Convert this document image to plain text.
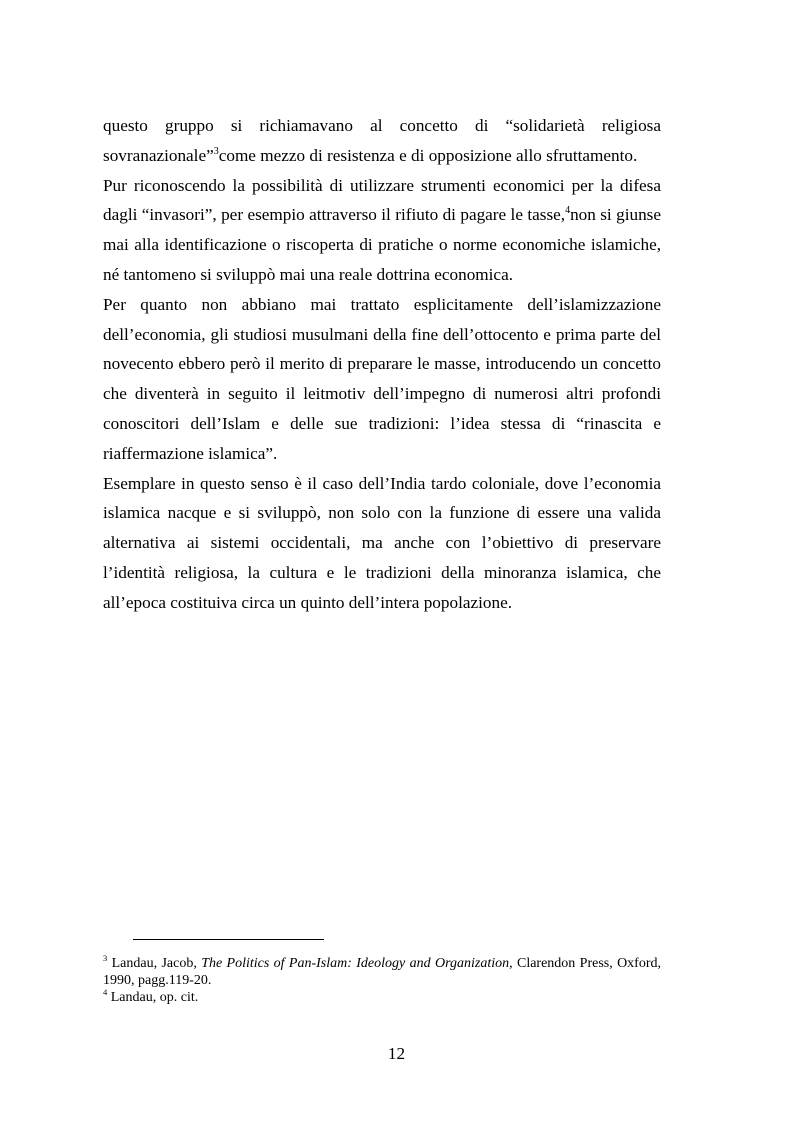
questo gruppo si richiamavano al concetto di “solidarietà religiosa sovranazionale”$^3$come mezzo di resistenza e di opposizione allo sfruttamento.

Pur riconoscendo la possibilità di utilizzare strumenti economici per la difesa dagli “invasori”, per esempio attraverso il rifiuto di pagare le tasse,$^4$non si giunse mai alla identificazione o riscoperta di pratiche o norme economiche islamiche, né tantomeno si sviluppò mai una reale dottrina economica.

Per quanto non abbiano mai trattato esplicitamente dell’islamizzazione dell’economia, gli studiosi musulmani della fine dell’ottocento e prima parte del novecento ebbero però il merito di preparare le masse, introducendo un concetto che diventerà in seguito il leitmotiv dell’impegno di numerosi altri profondi conoscitori dell’Islam e delle sue tradizioni: l’idea stessa di “rinascita e riaffermazione islamica”.

Esemplare in questo senso è il caso dell’India tardo coloniale, dove l’economia islamica nacque e si sviluppò, non solo con la funzione di essere una valida alternativa ai sistemi occidentali, ma anche con l’obiettivo di preservare l’identità religiosa, la cultura e le tradizioni della minoranza islamica, che all’epoca costituiva circa un quinto dell’intera popolazione.

$^3$ Landau, Jacob, The Politics of Pan-Islam: Ideology and Organization, Clarendon Press, Oxford, 1990, pagg.119-20.

$^4$ Landau, op. cit.

12
